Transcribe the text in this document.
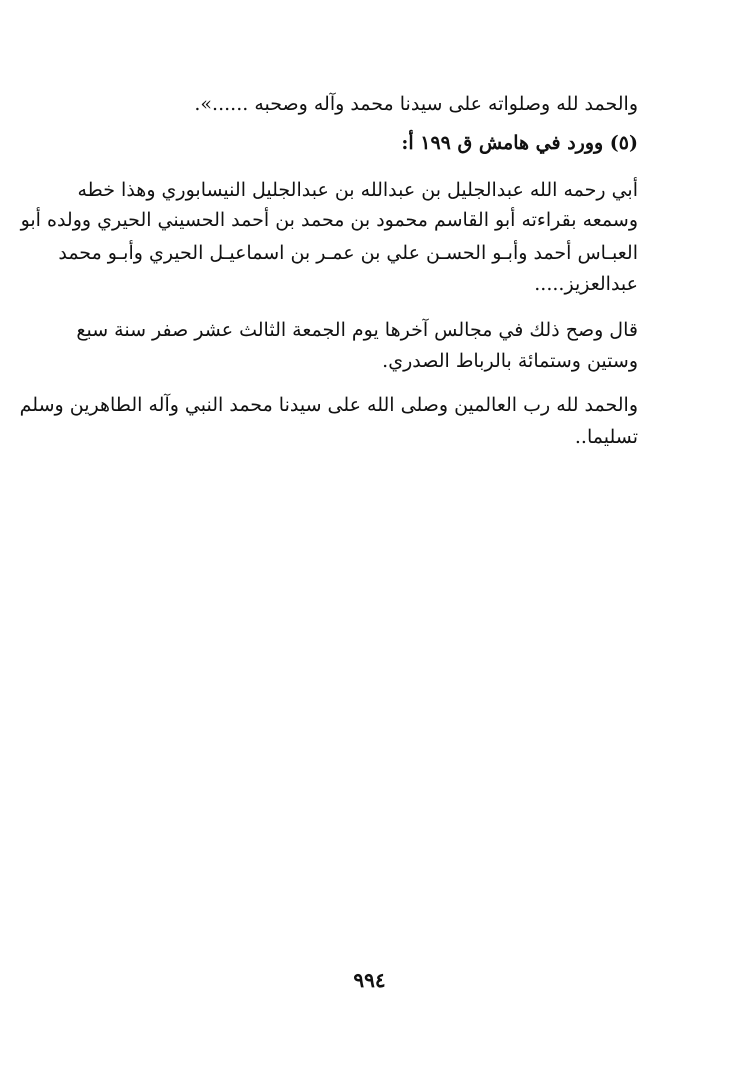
والحمد لله وصلواته على سيدنا محمد وآله وصحبه ......».

(٥) وورد في هامش ق ١٩٩ أ:

أبي رحمه الله عبدالجليل بن عبدالله بن عبدالجليل النيسابوري وهذا خطه

وسمعه بقراءته أبو القاسم محمود بن محمد بن أحمد الحسيني الحيري وولده أبو

العبـاس أحمد وأبـو الحسـن علي بن عمـر بن اسماعيـل الحيري وأبـو محمد

عبدالعزيز.....

قال وصح ذلك في مجالس آخرها يوم الجمعة الثالث عشر صفر سنة سبع

وستين وستمائة بالرباط الصدري.

والحمد لله رب العالمين وصلى الله على سيدنا محمد النبي وآله الطاهرين وسلم

تسليما..

٩٩٤
